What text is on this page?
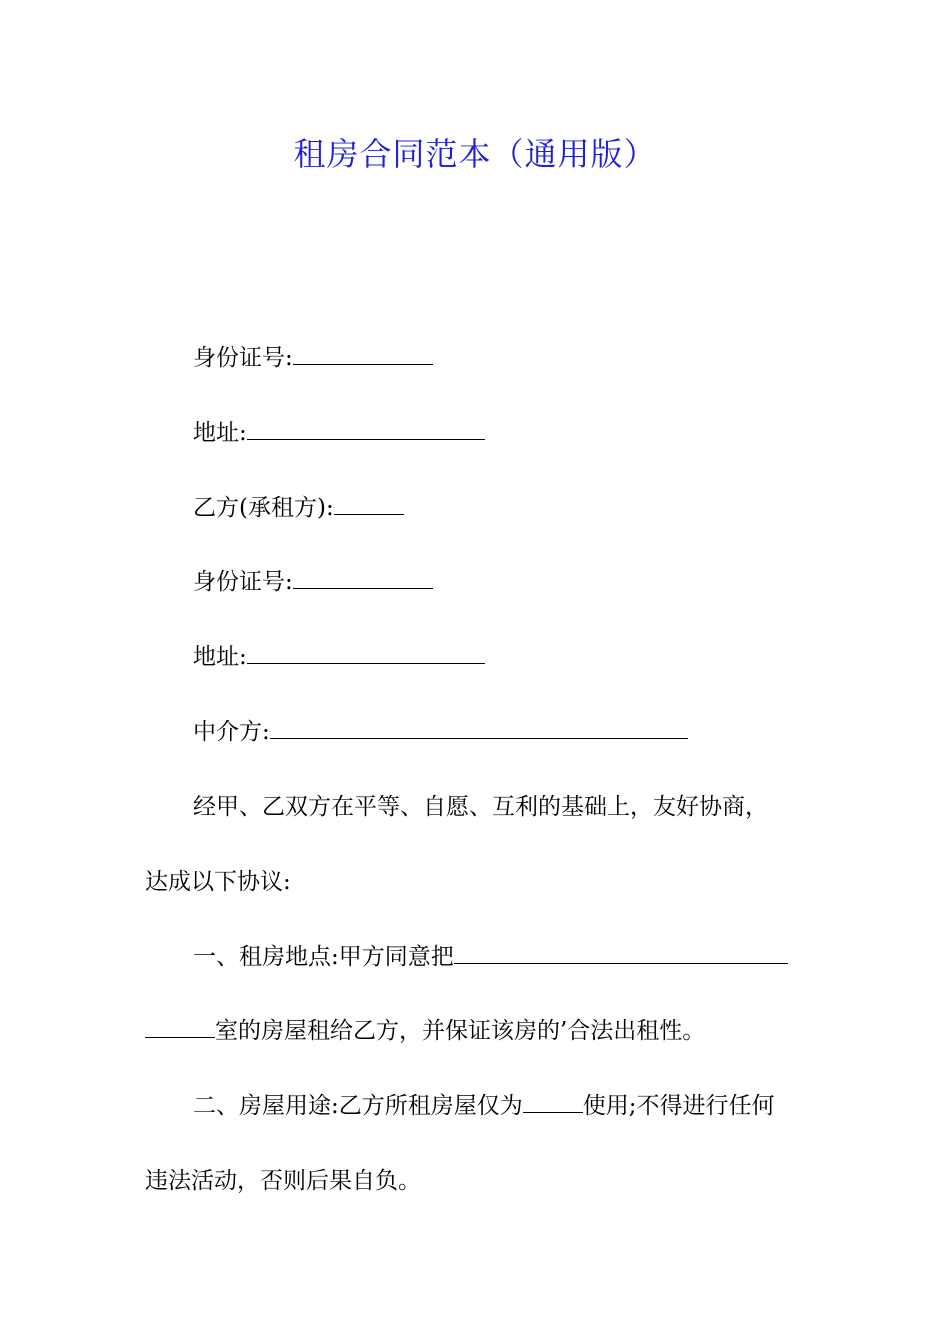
租房合同范本（通用版）
身份证号:
地址:
乙方(承租方):
身份证号:
地址:
中介方:
经甲、乙双方在平等、自愿、互利的基础上，友好协商，
达成以下协议:
一、租房地点:甲方同意把
室的房屋租给乙方，并保证该房的’合法出租性。
二、房屋用途:乙方所租房屋仅为	使用;不得进行任何
违法活动，否则后果自负。
